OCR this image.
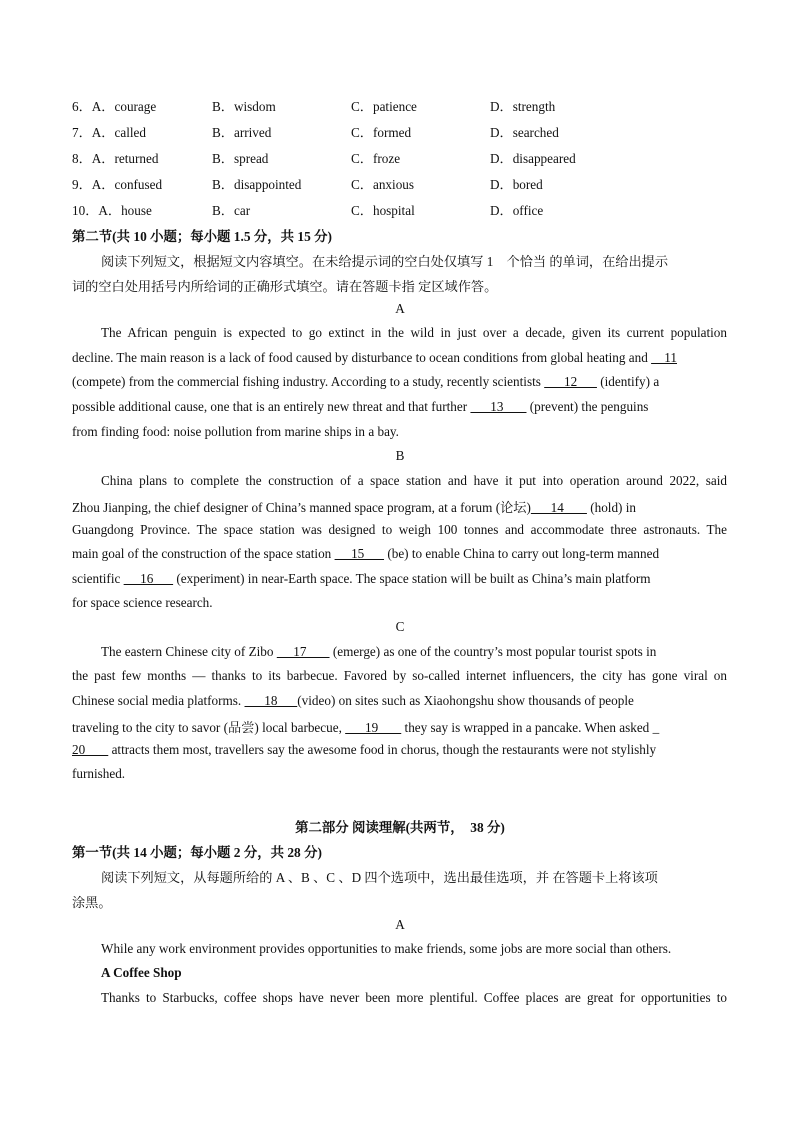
6．A．courage	B．wisdom	C．patience	D．strength
7．A．called	B．arrived	C．formed	D．searched
8．A．returned	B．spread	C．froze	D．disappeared
9．A．confused	B．disappointed	C．anxious	D．bored
10．A．house	B．car	C．hospital	D．office
第二节(共 10 小题；每小题 1.5 分，共 15 分)
阅读下列短文，根据短文内容填空。在未给提示词的空白处仅填写 1　个恰当 的单词，在给出提示
词的空白处用括号内所给词的正确形式填空。请在答题卡指 定区域作答。
A
The African penguin is expected to go extinct in the wild in just over a decade, given its current population
decline. The main reason is a lack of food caused by disturbance to ocean conditions from global heating and     11
(compete) from the commercial fishing industry. According to a study, recently scientists       12       (identify) a
possible additional cause, one that is an entirely new threat and that further       13        (prevent) the penguins
from finding food: noise pollution from marine ships in a bay.
B
China plans to complete the construction of a space station and have it put into operation around 2022, said
Zhou Jianping, the chief designer of China’s manned space program, at a forum (论坛)      14        (hold) in
Guangdong Province. The space station was designed to weigh 100 tonnes and accommodate three astronauts. The
main goal of the construction of the space station      15       (be) to enable China to carry out long-term manned
scientific      16       (experiment) in near-Earth space. The space station will be built as China’s main platform
for space science research.
C
The eastern Chinese city of Zibo      17        (emerge) as one of the country’s most popular tourist spots in
the past few months — thanks to its barbecue. Favored by so-called internet influencers, the city has gone viral on
Chinese social media platforms.       18      (video) on sites such as Xiaohongshu show thousands of people
traveling to the city to savor (品尝) local barbecue,       19        they say is wrapped in a pancake. When asked _
20        attracts them most, travellers say the awesome food in chorus, though the restaurants were not stylishly
furnished.
第二部分 阅读理解(共两节，　38 分)
第一节(共 14 小题；每小题 2 分，共 28 分)
阅读下列短文，从每题所给的 A 、B 、C 、D 四个选项中，选出最佳选项，并 在答题卡上将该项
涂黑。
A
While any work environment provides opportunities to make friends, some jobs are more social than others.
A Coffee Shop
Thanks to Starbucks, coffee shops have never been more plentiful. Coffee places are great for opportunities to
